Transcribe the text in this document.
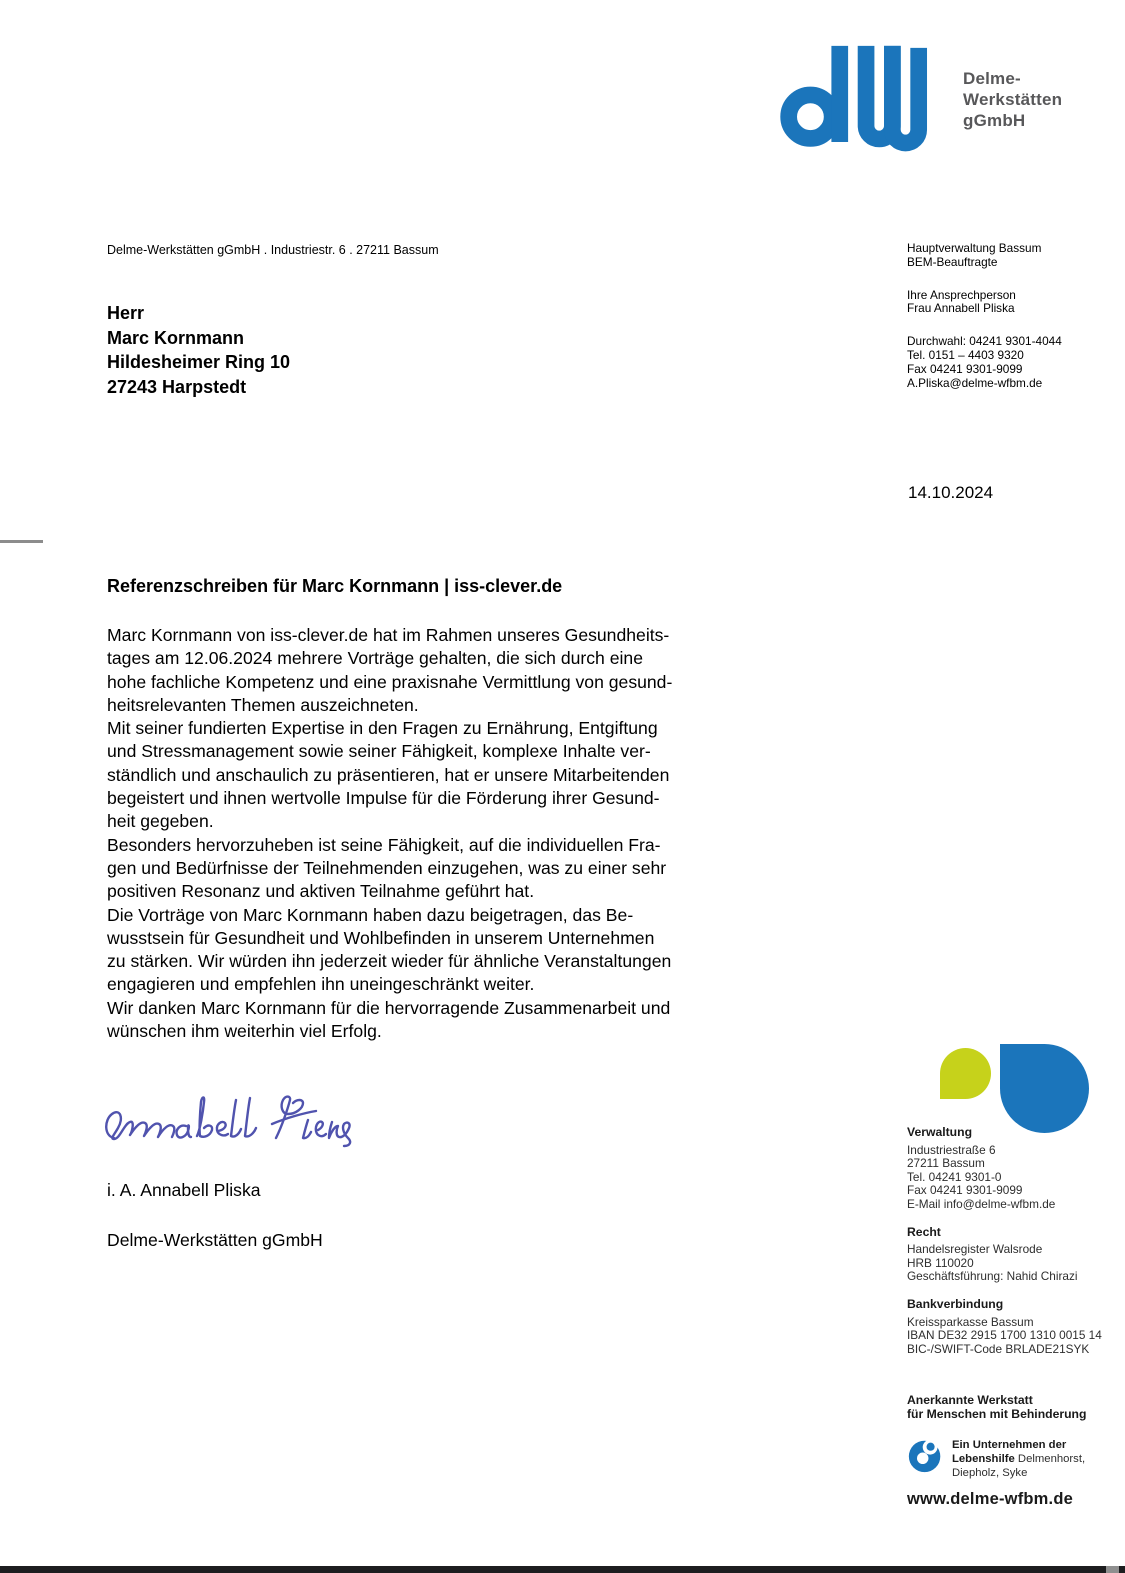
Delme-
Werkstätten
gGmbH
Delme-Werkstätten gGmbH . Industriestr. 6 . 27211 Bassum
Herr
Marc Kornmann
Hildesheimer Ring 10
27243 Harpstedt
Hauptverwaltung Bassum
BEM-Beauftragte
Ihre Ansprechperson
Frau Annabell Pliska
Durchwahl: 04241 9301-4044
Tel. 0151 – 4403 9320
Fax 04241 9301-9099
A.Pliska@delme-wfbm.de
14.10.2024
Referenzschreiben für Marc Kornmann | iss-clever.de
Marc Kornmann von iss-clever.de hat im Rahmen unseres Gesundheits-
tages am 12.06.2024 mehrere Vorträge gehalten, die sich durch eine
hohe fachliche Kompetenz und eine praxisnahe Vermittlung von gesund-
heitsrelevanten Themen auszeichneten.
Mit seiner fundierten Expertise in den Fragen zu Ernährung, Entgiftung
und Stressmanagement sowie seiner Fähigkeit, komplexe Inhalte ver-
ständlich und anschaulich zu präsentieren, hat er unsere Mitarbeitenden
begeistert und ihnen wertvolle Impulse für die Förderung ihrer Gesund-
heit gegeben.
Besonders hervorzuheben ist seine Fähigkeit, auf die individuellen Fra-
gen und Bedürfnisse der Teilnehmenden einzugehen, was zu einer sehr
positiven Resonanz und aktiven Teilnahme geführt hat.
Die Vorträge von Marc Kornmann haben dazu beigetragen, das Be-
wusstsein für Gesundheit und Wohlbefinden in unserem Unternehmen
zu stärken. Wir würden ihn jederzeit wieder für ähnliche Veranstaltungen
engagieren und empfehlen ihn uneingeschränkt weiter.
Wir danken Marc Kornmann für die hervorragende Zusammenarbeit und
wünschen ihm weiterhin viel Erfolg.
i. A. Annabell Pliska
Delme-Werkstätten gGmbH
Verwaltung
Industriestraße 6
27211 Bassum
Tel. 04241 9301-0
Fax 04241 9301-9099
E-Mail info@delme-wfbm.de
Recht
Handelsregister Walsrode
HRB 110020
Geschäftsführung: Nahid Chirazi
Bankverbindung
Kreissparkasse Bassum
IBAN DE32 2915 1700 1310 0015 14
BIC-/SWIFT-Code BRLADE21SYK
Anerkannte Werkstatt
für Menschen mit Behinderung
Ein Unternehmen der
Lebenshilfe Delmenhorst,
Diepholz, Syke
www.delme-wfbm.de
